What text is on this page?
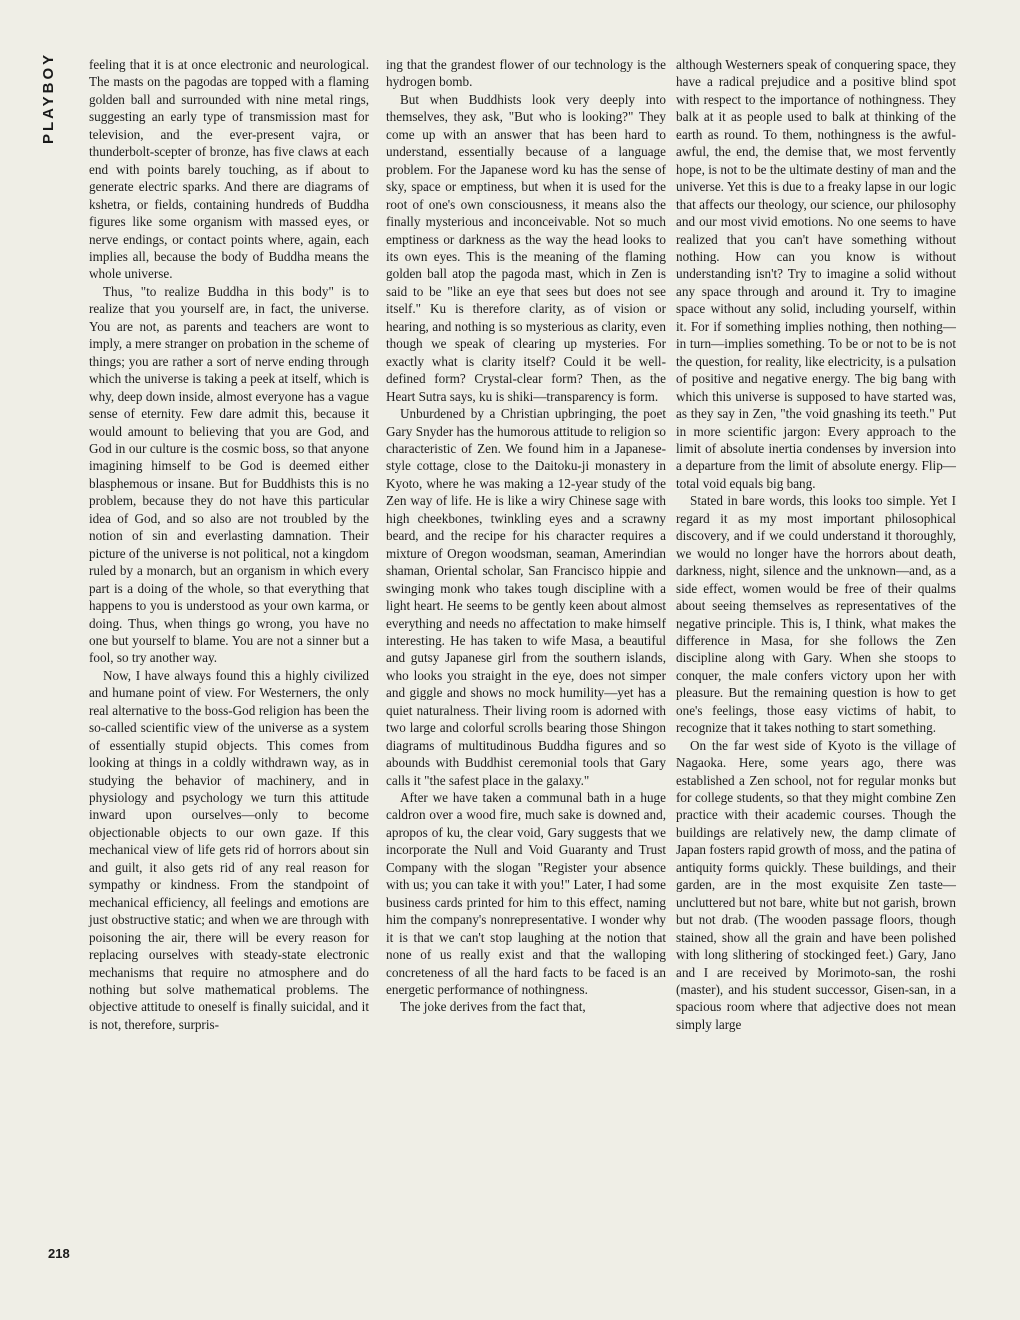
PLAYBOY
218

feeling that it is at once electronic and neurological. The masts on the pagodas are topped with a flaming golden ball and surrounded with nine metal rings, suggesting an early type of transmission mast for television, and the ever-present vajra, or thunderbolt-scepter of bronze, has five claws at each end with points barely touching, as if about to generate electric sparks. And there are diagrams of kshetra, or fields, containing hundreds of Buddha figures like some organism with massed eyes, or nerve endings, or contact points where, again, each implies all, because the body of Buddha means the whole universe.

Thus, "to realize Buddha in this body" is to realize that you yourself are, in fact, the universe. You are not, as parents and teachers are wont to imply, a mere stranger on probation in the scheme of things; you are rather a sort of nerve ending through which the universe is taking a peek at itself, which is why, deep down inside, almost everyone has a vague sense of eternity. Few dare admit this, because it would amount to believing that you are God, and God in our culture is the cosmic boss, so that anyone imagining himself to be God is deemed either blasphemous or insane. But for Buddhists this is no problem, because they do not have this particular idea of God, and so also are not troubled by the notion of sin and everlasting damnation. Their picture of the universe is not political, not a kingdom ruled by a monarch, but an organism in which every part is a doing of the whole, so that everything that happens to you is understood as your own karma, or doing. Thus, when things go wrong, you have no one but yourself to blame. You are not a sinner but a fool, so try another way.

Now, I have always found this a highly civilized and humane point of view. For Westerners, the only real alternative to the boss-God religion has been the so-called scientific view of the universe as a system of essentially stupid objects. This comes from looking at things in a coldly withdrawn way, as in studying the behavior of machinery, and in physiology and psychology we turn this attitude inward upon ourselves—only to become objectionable objects to our own gaze. If this mechanical view of life gets rid of horrors about sin and guilt, it also gets rid of any real reason for sympathy or kindness. From the standpoint of mechanical efficiency, all feelings and emotions are just obstructive static; and when we are through with poisoning the air, there will be every reason for replacing ourselves with steady-state electronic mechanisms that require no atmosphere and do nothing but solve mathematical problems. The objective attitude to oneself is finally suicidal, and it is not, therefore, surpris-

ing that the grandest flower of our technology is the hydrogen bomb.

But when Buddhists look very deeply into themselves, they ask, "But who is looking?" They come up with an answer that has been hard to understand, essentially because of a language problem. For the Japanese word ku has the sense of sky, space or emptiness, but when it is used for the root of one's own consciousness, it means also the finally mysterious and inconceivable. Not so much emptiness or darkness as the way the head looks to its own eyes. This is the meaning of the flaming golden ball atop the pagoda mast, which in Zen is said to be "like an eye that sees but does not see itself." Ku is therefore clarity, as of vision or hearing, and nothing is so mysterious as clarity, even though we speak of clearing up mysteries. For exactly what is clarity itself? Could it be well-defined form? Crystal-clear form? Then, as the Heart Sutra says, ku is shiki—transparency is form.

Unburdened by a Christian upbringing, the poet Gary Snyder has the humorous attitude to religion so characteristic of Zen. We found him in a Japanese-style cottage, close to the Daitoku-ji monastery in Kyoto, where he was making a 12-year study of the Zen way of life. He is like a wiry Chinese sage with high cheekbones, twinkling eyes and a scrawny beard, and the recipe for his character requires a mixture of Oregon woodsman, seaman, Amerindian shaman, Oriental scholar, San Francisco hippie and swinging monk who takes tough discipline with a light heart. He seems to be gently keen about almost everything and needs no affectation to make himself interesting. He has taken to wife Masa, a beautiful and gutsy Japanese girl from the southern islands, who looks you straight in the eye, does not simper and giggle and shows no mock humility—yet has a quiet naturalness. Their living room is adorned with two large and colorful scrolls bearing those Shingon diagrams of multitudinous Buddha figures and so abounds with Buddhist ceremonial tools that Gary calls it "the safest place in the galaxy."

After we have taken a communal bath in a huge caldron over a wood fire, much sake is downed and, apropos of ku, the clear void, Gary suggests that we incorporate the Null and Void Guaranty and Trust Company with the slogan "Register your absence with us; you can take it with you!" Later, I had some business cards printed for him to this effect, naming him the company's nonrepresentative. I wonder why it is that we can't stop laughing at the notion that none of us really exist and that the walloping concreteness of all the hard facts to be faced is an energetic performance of nothingness.

The joke derives from the fact that,

although Westerners speak of conquering space, they have a radical prejudice and a positive blind spot with respect to the importance of nothingness. They balk at it as people used to balk at thinking of the earth as round. To them, nothingness is the awful-awful, the end, the demise that, we most fervently hope, is not to be the ultimate destiny of man and the universe. Yet this is due to a freaky lapse in our logic that affects our theology, our science, our philosophy and our most vivid emotions. No one seems to have realized that you can't have something without nothing. How can you know is without understanding isn't? Try to imagine a solid without any space through and around it. Try to imagine space without any solid, including yourself, within it. For if something implies nothing, then nothing—in turn—implies something. To be or not to be is not the question, for reality, like electricity, is a pulsation of positive and negative energy. The big bang with which this universe is supposed to have started was, as they say in Zen, "the void gnashing its teeth." Put in more scientific jargon: Every approach to the limit of absolute inertia condenses by inversion into a departure from the limit of absolute energy. Flip—total void equals big bang.

Stated in bare words, this looks too simple. Yet I regard it as my most important philosophical discovery, and if we could understand it thoroughly, we would no longer have the horrors about death, darkness, night, silence and the unknown—and, as a side effect, women would be free of their qualms about seeing themselves as representatives of the negative principle. This is, I think, what makes the difference in Masa, for she follows the Zen discipline along with Gary. When she stoops to conquer, the male confers victory upon her with pleasure. But the remaining question is how to get one's feelings, those easy victims of habit, to recognize that it takes nothing to start something.

On the far west side of Kyoto is the village of Nagaoka. Here, some years ago, there was established a Zen school, not for regular monks but for college students, so that they might combine Zen practice with their academic courses. Though the buildings are relatively new, the damp climate of Japan fosters rapid growth of moss, and the patina of antiquity forms quickly. These buildings, and their garden, are in the most exquisite Zen taste—uncluttered but not bare, white but not garish, brown but not drab. (The wooden passage floors, though stained, show all the grain and have been polished with long slithering of stockinged feet.) Gary, Jano and I are received by Morimoto-san, the roshi (master), and his student successor, Gisen-san, in a spacious room where that adjective does not mean simply large
